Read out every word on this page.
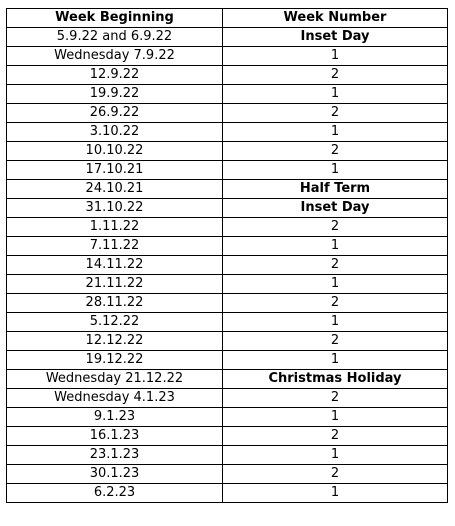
Week Beginning	Week Number
5.9.22 and 6.9.22	Inset Day
Wednesday 7.9.22	1
12.9.22	2
19.9.22	1
26.9.22	2
3.10.22	1
10.10.22	2
17.10.21	1
24.10.21	Half Term
31.10.22	Inset Day
1.11.22	2
7.11.22	1
14.11.22	2
21.11.22	1
28.11.22	2
5.12.22	1
12.12.22	2
19.12.22	1
Wednesday 21.12.22	Christmas Holiday
Wednesday 4.1.23	2
9.1.23	1
16.1.23	2
23.1.23	1
30.1.23	2
6.2.23	1
